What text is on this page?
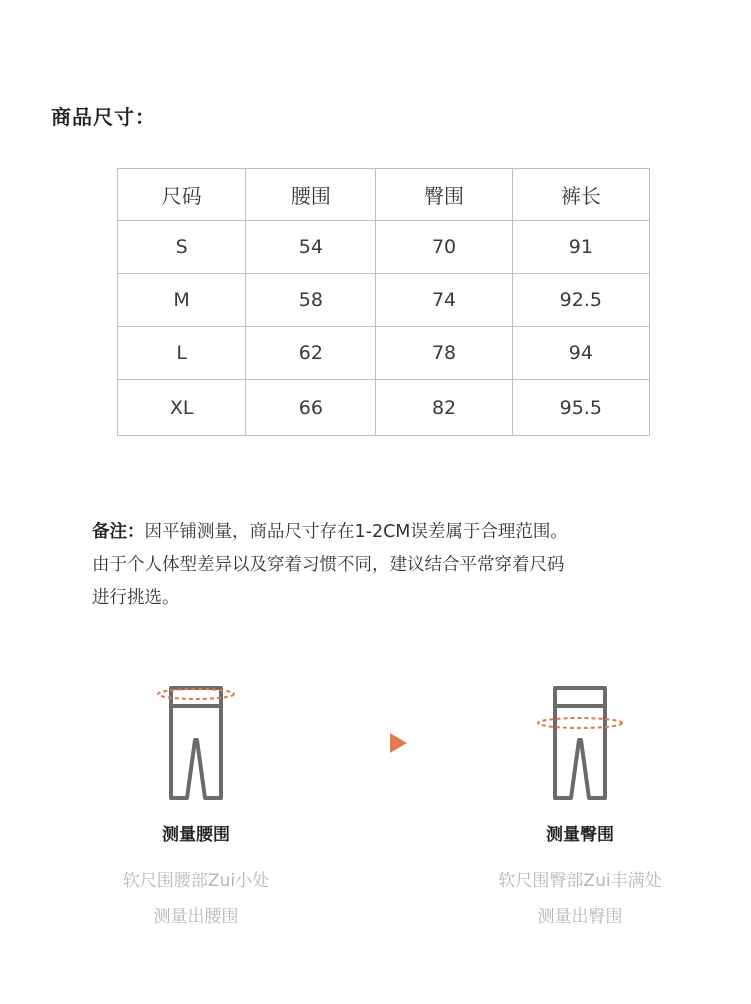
商品尺寸：
尺码	腰围	臀围	裤长
S	54	70	91
M	58	74	92.5
L	62	78	94
XL	66	82	95.5
备注：因平铺测量，商品尺寸存在1-2CM误差属于合理范围。
由于个人体型差异以及穿着习惯不同，建议结合平常穿着尺码
进行挑选。
测量腰围
软尺围腰部Zui小处
测量出腰围
测量臀围
软尺围臀部Zui丰满处
测量出臀围
